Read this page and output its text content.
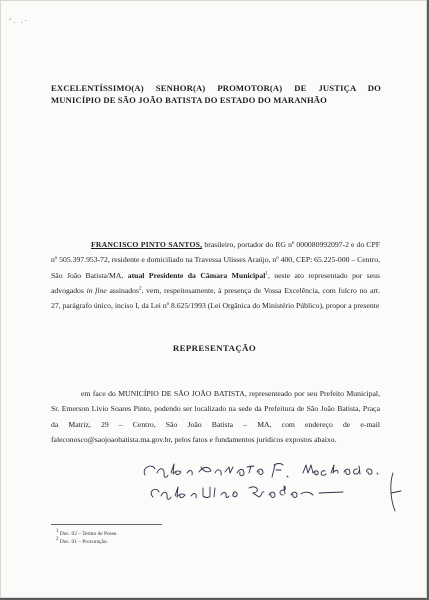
‘. .·
EXCELENTÍSSIMO(A) SENHOR(A) PROMOTOR(A) DE JUSTIÇA DO MUNICÍPIO DE SÃO JOÃO BATISTA DO ESTADO DO MARANHÃO
FRANCISCO PINTO SANTOS, brasileiro, portador do RG nº 000080992097-2 e do CPF nº 505.397.953-72, residente e domiciliado na Travessa Ulisses Araújo, nº 400, CEP: 65.225-000 – Centro, São João Batista/MA, atual Presidente da Câmara Municipal$^1$, neste ato representado por seus advogados in fine assinados$^2$, vem, respeitosamente, à presença de Vossa Excelência, com fulcro no art. 27, parágrafo único, inciso I, da Lei nº 8.625/1993 (Lei Orgânica do Ministério Público), propor a presente
REPRESENTAÇÃO
em face do MUNICÍPIO DE SÃO JOÃO BATISTA, representeado por seu Prefeito Municipal, Sr. Emerson Lívio Soares Pinto, podendo ser localizado na sede da Prefeitura de São João Batista, Praça da Matriz, 29 – Centro, São João Batista – MA, com endereço de e-mail faleconosco@saojoaobatista.ma.gov.br, pelos fatos e fundamentos jurídicos expostos abaixo.
$^1$ Doc. 02 – Termo de Posse.
$^2$ Doc. 01 – Procuração.
